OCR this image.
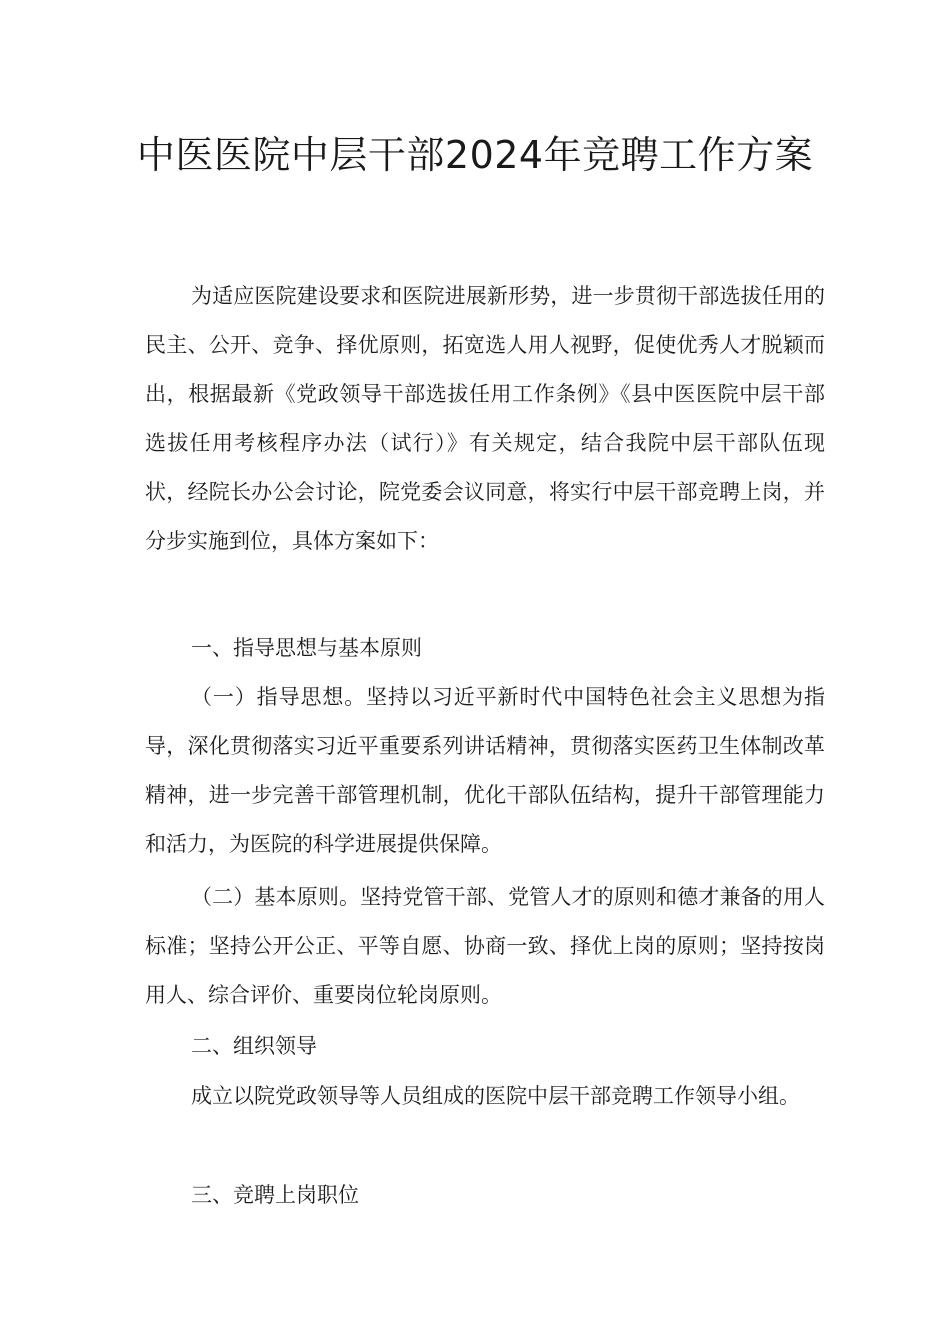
中医医院中层干部2024年竞聘工作方案

为适应医院建设要求和医院进展新形势，进一步贯彻干部选拔任用的民主、公开、竞争、择优原则，拓宽选人用人视野，促使优秀人才脱颖而出，根据最新《党政领导干部选拔任用工作条例》《县中医医院中层干部选拔任用考核程序办法（试行）》有关规定，结合我院中层干部队伍现状，经院长办公会讨论，院党委会议同意，将实行中层干部竞聘上岗，并分步实施到位，具体方案如下：

一、指导思想与基本原则

（一）指导思想。坚持以习近平新时代中国特色社会主义思想为指导，深化贯彻落实习近平重要系列讲话精神，贯彻落实医药卫生体制改革精神，进一步完善干部管理机制，优化干部队伍结构，提升干部管理能力和活力，为医院的科学进展提供保障。

（二）基本原则。坚持党管干部、党管人才的原则和德才兼备的用人标准；坚持公开公正、平等自愿、协商一致、择优上岗的原则；坚持按岗用人、综合评价、重要岗位轮岗原则。

二、组织领导

成立以院党政领导等人员组成的医院中层干部竞聘工作领导小组。

三、竞聘上岗职位
